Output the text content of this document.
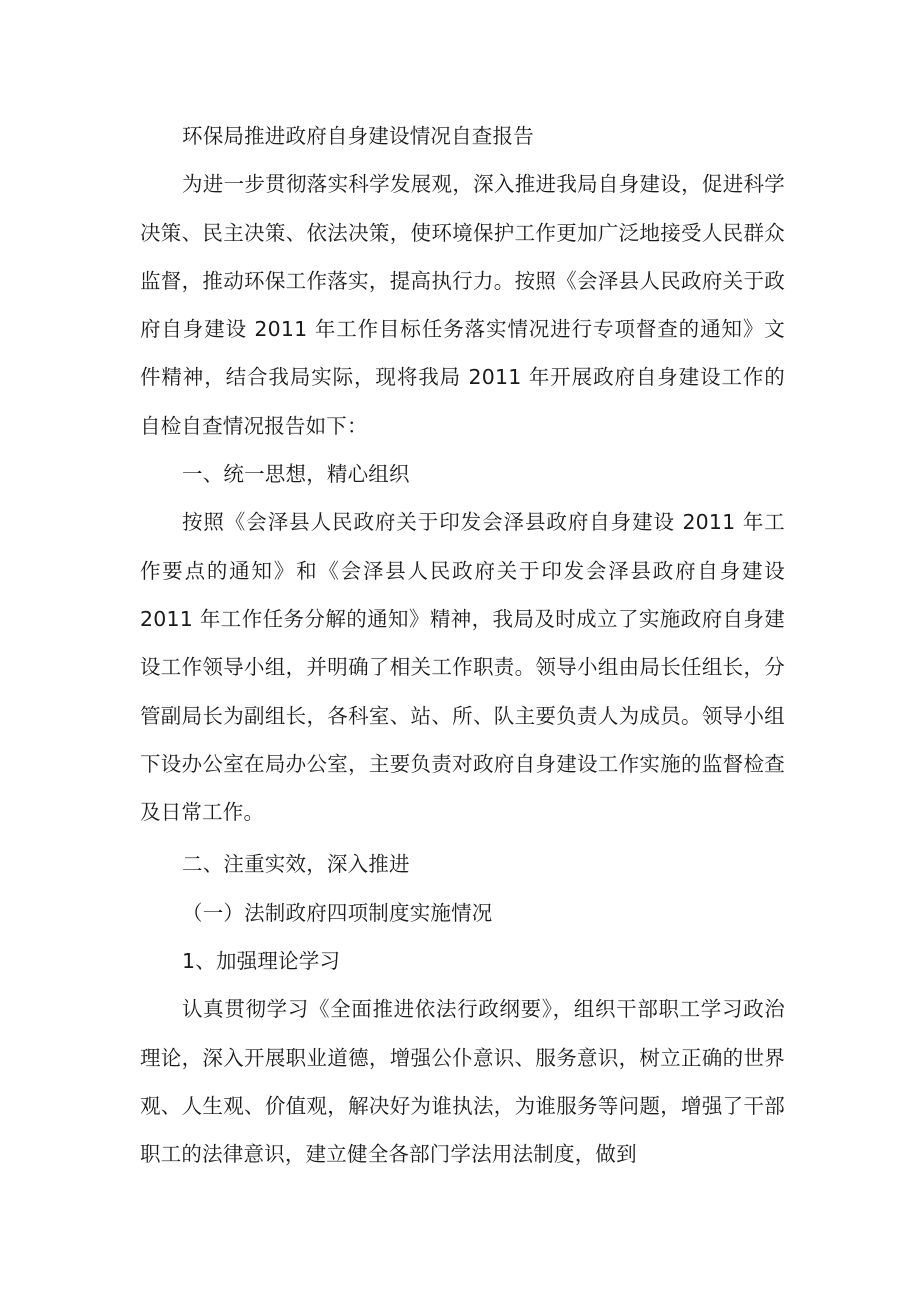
环保局推进政府自身建设情况自查报告

为进一步贯彻落实科学发展观，深入推进我局自身建设，促进科学决策、民主决策、依法决策，使环境保护工作更加广泛地接受人民群众监督，推动环保工作落实，提高执行力。按照《会泽县人民政府关于政府自身建设 2011 年工作目标任务落实情况进行专项督查的通知》文件精神，结合我局实际，现将我局 2011 年开展政府自身建设工作的自检自查情况报告如下：

一、统一思想，精心组织

按照《会泽县人民政府关于印发会泽县政府自身建设 2011 年工作要点的通知》和《会泽县人民政府关于印发会泽县政府自身建设 2011 年工作任务分解的通知》精神，我局及时成立了实施政府自身建设工作领导小组，并明确了相关工作职责。领导小组由局长任组长，分管副局长为副组长，各科室、站、所、队主要负责人为成员。领导小组下设办公室在局办公室，主要负责对政府自身建设工作实施的监督检查及日常工作。

二、注重实效，深入推进

（一）法制政府四项制度实施情况

1、加强理论学习

认真贯彻学习《全面推进依法行政纲要》，组织干部职工学习政治理论，深入开展职业道德，增强公仆意识、服务意识，树立正确的世界观、人生观、价值观，解决好为谁执法，为谁服务等问题，增强了干部职工的法律意识，建立健全各部门学法用法制度，做到
